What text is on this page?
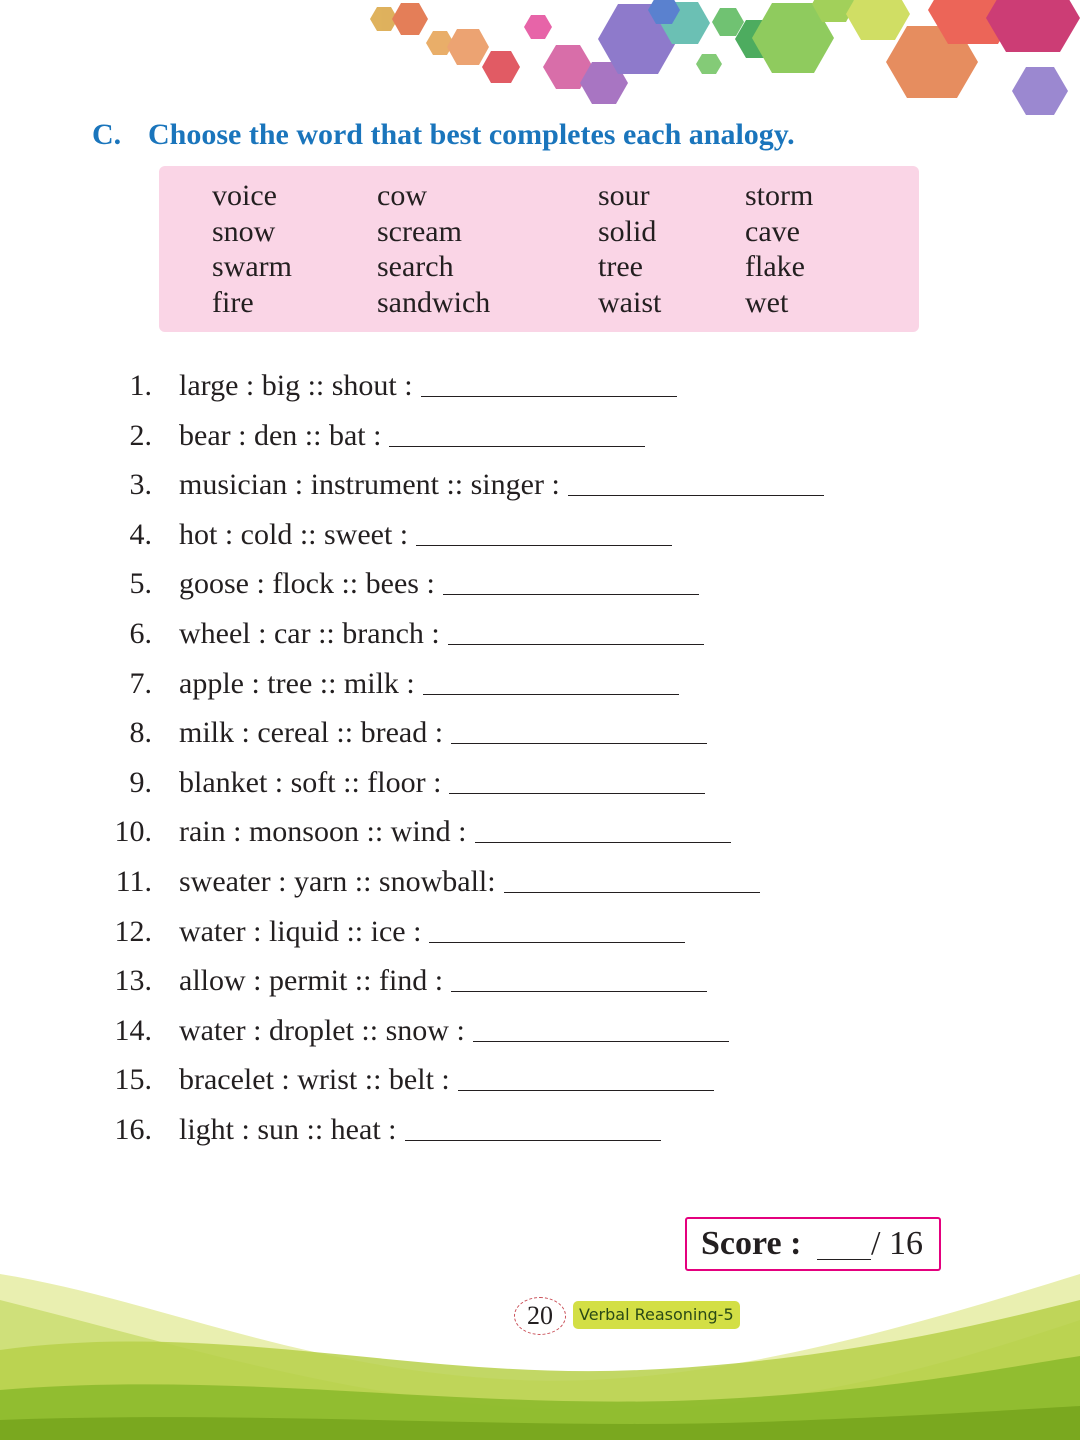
C. Choose the word that best completes each analogy.
voice
snow
swarm
fire
cow
scream
search
sandwich
sour
solid
tree
waist
storm
cave
flake
wet
1. large : big :: shout :
2. bear : den :: bat :
3. musician : instrument :: singer :
4. hot : cold :: sweet :
5. goose : flock :: bees :
6. wheel : car :: branch :
7. apple : tree :: milk :
8. milk : cereal :: bread :
9. blanket : soft :: floor :
10. rain : monsoon :: wind :
11. sweater : yarn :: snowball:
12. water : liquid :: ice :
13. allow : permit :: find :
14. water : droplet :: snow :
15. bracelet : wrist :: belt :
16. light : sun :: heat :
Score : / 16
20	Verbal Reasoning-5
